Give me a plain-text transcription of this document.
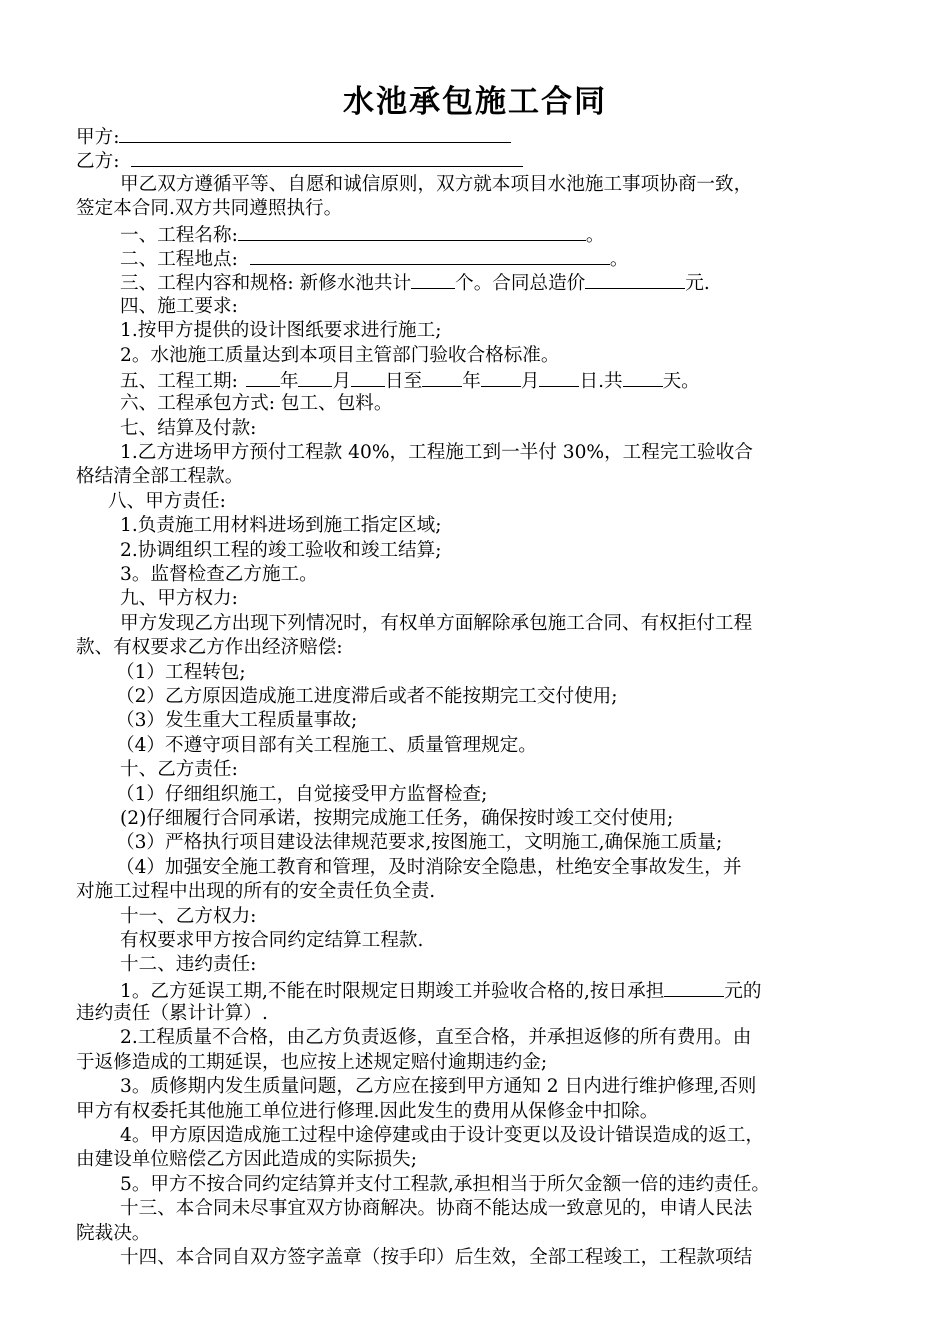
水池承包施工合同
甲方:
乙方:
甲乙双方遵循平等、自愿和诚信原则，双方就本项目水池施工事项协商一致，
签定本合同.双方共同遵照执行。
一、工程名称:	。
二、工程地点:	。
三、工程内容和规格: 新修水池共计 个。合同总造价	元.
四、施工要求:
1.按甲方提供的设计图纸要求进行施工;
2。水池施工质量达到本项目主管部门验收合格标准。
五、工程工期: 年 月 日至 年 月 日.共 天。
六、工程承包方式: 包工、包料。
七、结算及付款:
1.乙方进场甲方预付工程款 40%，工程施工到一半付 30%，工程完工验收合
格结清全部工程款。
八、甲方责任:
1.负责施工用材料进场到施工指定区域;
2.协调组织工程的竣工验收和竣工结算;
3。监督检查乙方施工。
九、甲方权力:
甲方发现乙方出现下列情况时，有权单方面解除承包施工合同、有权拒付工程
款、有权要求乙方作出经济赔偿:
（1）工程转包;
（2）乙方原因造成施工进度滞后或者不能按期完工交付使用;
（3）发生重大工程质量事故;
（4）不遵守项目部有关工程施工、质量管理规定。
十、乙方责任:
（1）仔细组织施工，自觉接受甲方监督检查;
(2)仔细履行合同承诺，按期完成施工任务，确保按时竣工交付使用;
（3）严格执行项目建设法律规范要求,按图施工，文明施工,确保施工质量;
（4）加强安全施工教育和管理，及时消除安全隐患，杜绝安全事故发生，并
对施工过程中出现的所有的安全责任负全责.
十一、乙方权力:
有权要求甲方按合同约定结算工程款.
十二、违约责任:
1。乙方延误工期,不能在时限规定日期竣工并验收合格的,按日承担	元的
违约责任（累计计算）.
2.工程质量不合格，由乙方负责返修，直至合格，并承担返修的所有费用。由
于返修造成的工期延误，也应按上述规定赔付逾期违约金;
3。质修期内发生质量问题，乙方应在接到甲方通知 2 日内进行维护修理,否则
甲方有权委托其他施工单位进行修理.因此发生的费用从保修金中扣除。
4。甲方原因造成施工过程中途停建或由于设计变更以及设计错误造成的返工，
由建设单位赔偿乙方因此造成的实际损失;
5。甲方不按合同约定结算并支付工程款,承担相当于所欠金额一倍的违约责任。
十三、本合同未尽事宜双方协商解决。协商不能达成一致意见的，申请人民法
院裁决。
十四、本合同自双方签字盖章（按手印）后生效，全部工程竣工，工程款项结
